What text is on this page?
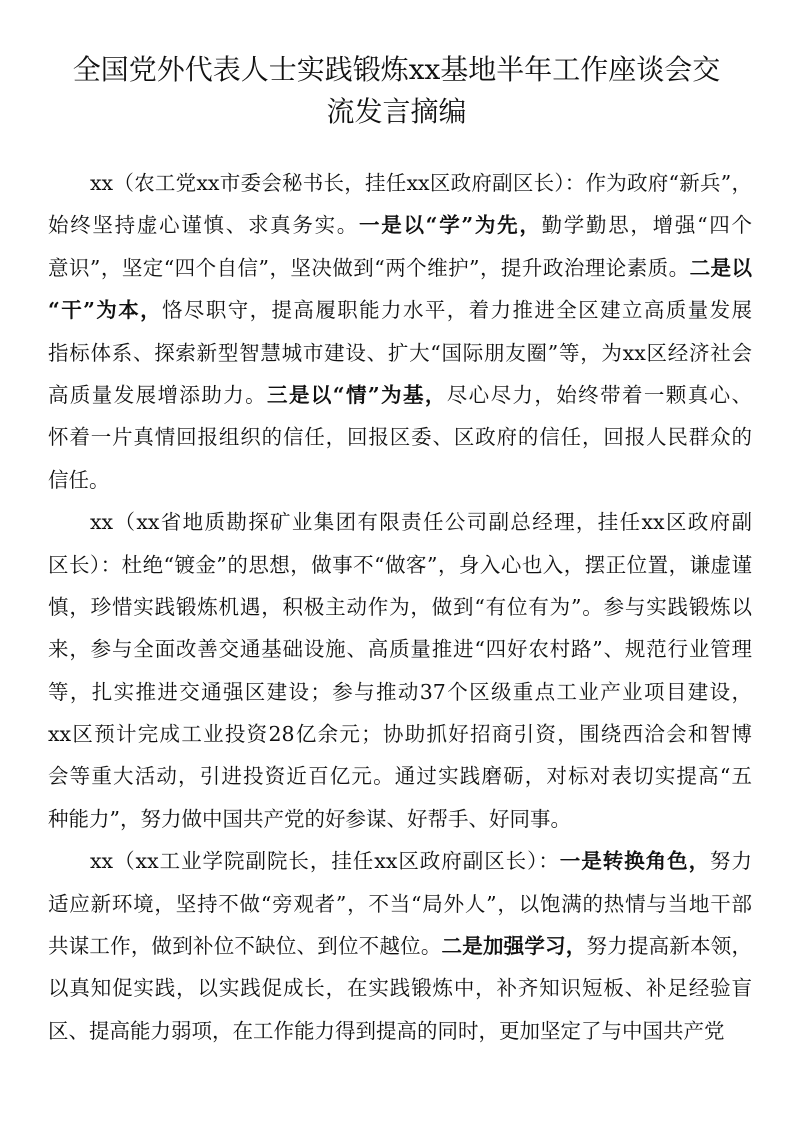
全国党外代表人士实践锻炼xx基地半年工作座谈会交
流发言摘编
xx（农工党xx市委会秘书长，挂任xx区政府副区长）：作为政府“新兵”，
始终坚持虚心谨慎、求真务实。一是以“学”为先，勤学勤思，增强“四个
意识”，坚定“四个自信”，坚决做到“两个维护”，提升政治理论素质。二是以
“干”为本，恪尽职守，提高履职能力水平，着力推进全区建立高质量发展
指标体系、探索新型智慧城市建设、扩大“国际朋友圈”等，为xx区经济社会
高质量发展增添助力。三是以“情”为基，尽心尽力，始终带着一颗真心、
怀着一片真情回报组织的信任，回报区委、区政府的信任，回报人民群众的
信任。
xx（xx省地质勘探矿业集团有限责任公司副总经理，挂任xx区政府副
区长）：杜绝“镀金”的思想，做事不“做客”，身入心也入，摆正位置，谦虚谨
慎，珍惜实践锻炼机遇，积极主动作为，做到“有位有为”。参与实践锻炼以
来，参与全面改善交通基础设施、高质量推进“四好农村路”、规范行业管理
等，扎实推进交通强区建设；参与推动37个区级重点工业产业项目建设，
xx区预计完成工业投资28亿余元；协助抓好招商引资，围绕西洽会和智博
会等重大活动，引进投资近百亿元。通过实践磨砺，对标对表切实提高“五
种能力”，努力做中国共产党的好参谋、好帮手、好同事。
xx（xx工业学院副院长，挂任xx区政府副区长）：一是转换角色，努力
适应新环境，坚持不做“旁观者”，不当“局外人”，以饱满的热情与当地干部
共谋工作，做到补位不缺位、到位不越位。二是加强学习，努力提高新本领，
以真知促实践，以实践促成长，在实践锻炼中，补齐知识短板、补足经验盲
区、提高能力弱项，在工作能力得到提高的同时，更加坚定了与中国共产党
